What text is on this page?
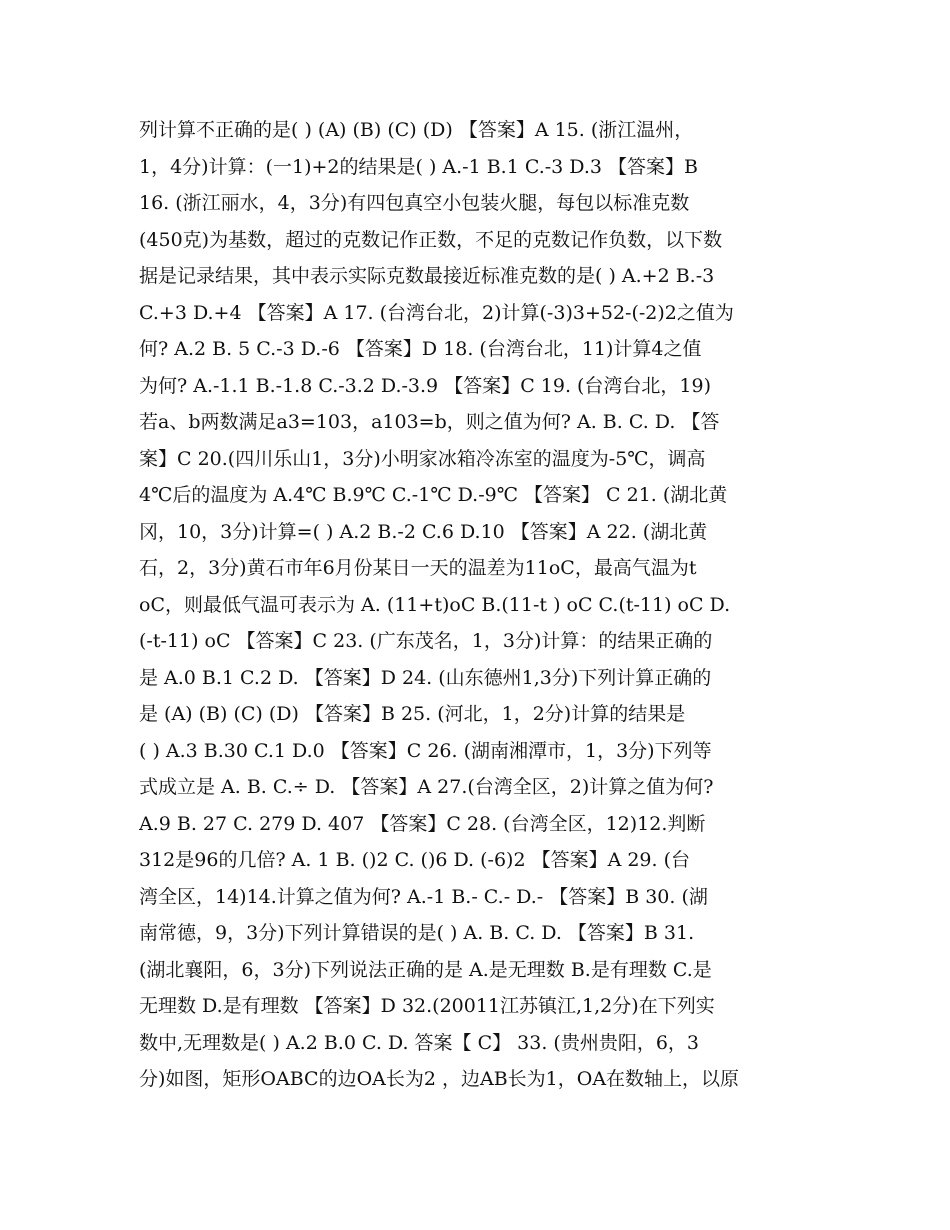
列计算不正确的是( ) (A) (B) (C) (D) 【答案】A 15. (浙江温州，
1，4分)计算：(一1)+2的结果是( ) A.-1 B.1 C.-3 D.3 【答案】B
16. (浙江丽水，4，3分)有四包真空小包装火腿，每包以标准克数
(450克)为基数，超过的克数记作正数，不足的克数记作负数，以下数
据是记录结果，其中表示实际克数最接近标准克数的是( ) A.+2 B.-3
C.+3 D.+4 【答案】A 17. (台湾台北，2)计算(-3)3+52-(-2)2之值为
何? A.2 B. 5 C.-3 D.-6 【答案】D 18. (台湾台北，11)计算4之值
为何? A.-1.1 B.-1.8 C.-3.2 D.-3.9 【答案】C 19. (台湾台北，19)
若a、b两数满足a3=103，a103=b，则之值为何? A. B. C. D. 【答
案】C 20.(四川乐山1，3分)小明家冰箱冷冻室的温度为-5℃，调高
4℃后的温度为 A.4℃ B.9℃ C.-1℃ D.-9℃ 【答案】 C 21. (湖北黄
冈，10，3分)计算=( ) A.2 B.-2 C.6 D.10 【答案】A 22. (湖北黄
石，2，3分)黄石市年6月份某日一天的温差为11oC，最高气温为t
oC，则最低气温可表示为 A. (11+t)oC B.(11-t ) oC C.(t-11) oC D.
(-t-11) oC 【答案】C 23. (广东茂名，1，3分)计算：的结果正确的
是 A.0 B.1 C.2 D. 【答案】D 24. (山东德州1,3分)下列计算正确的
是 (A) (B) (C) (D) 【答案】B 25. (河北，1，2分)计算的结果是
( ) A.3 B.30 C.1 D.0 【答案】C 26. (湖南湘潭市，1，3分)下列等
式成立是 A. B. C.÷ D. 【答案】A 27.(台湾全区，2)计算之值为何?
A.9 B. 27 C. 279 D. 407 【答案】C 28. (台湾全区，12)12.判断
312是96的几倍? A. 1 B. ()2 C. ()6 D. (-6)2 【答案】A 29. (台
湾全区，14)14.计算之值为何? A.-1 B.- C.- D.- 【答案】B 30. (湖
南常德，9，3分)下列计算错误的是( ) A. B. C. D. 【答案】B 31.
(湖北襄阳，6，3分)下列说法正确的是 A.是无理数 B.是有理数 C.是
无理数 D.是有理数 【答案】D 32.(20011江苏镇江,1,2分)在下列实
数中,无理数是( ) A.2 B.0 C. D. 答案【 C】 33. (贵州贵阳，6，3
分)如图，矩形OABC的边OA长为2 ，边AB长为1，OA在数轴上，以原
